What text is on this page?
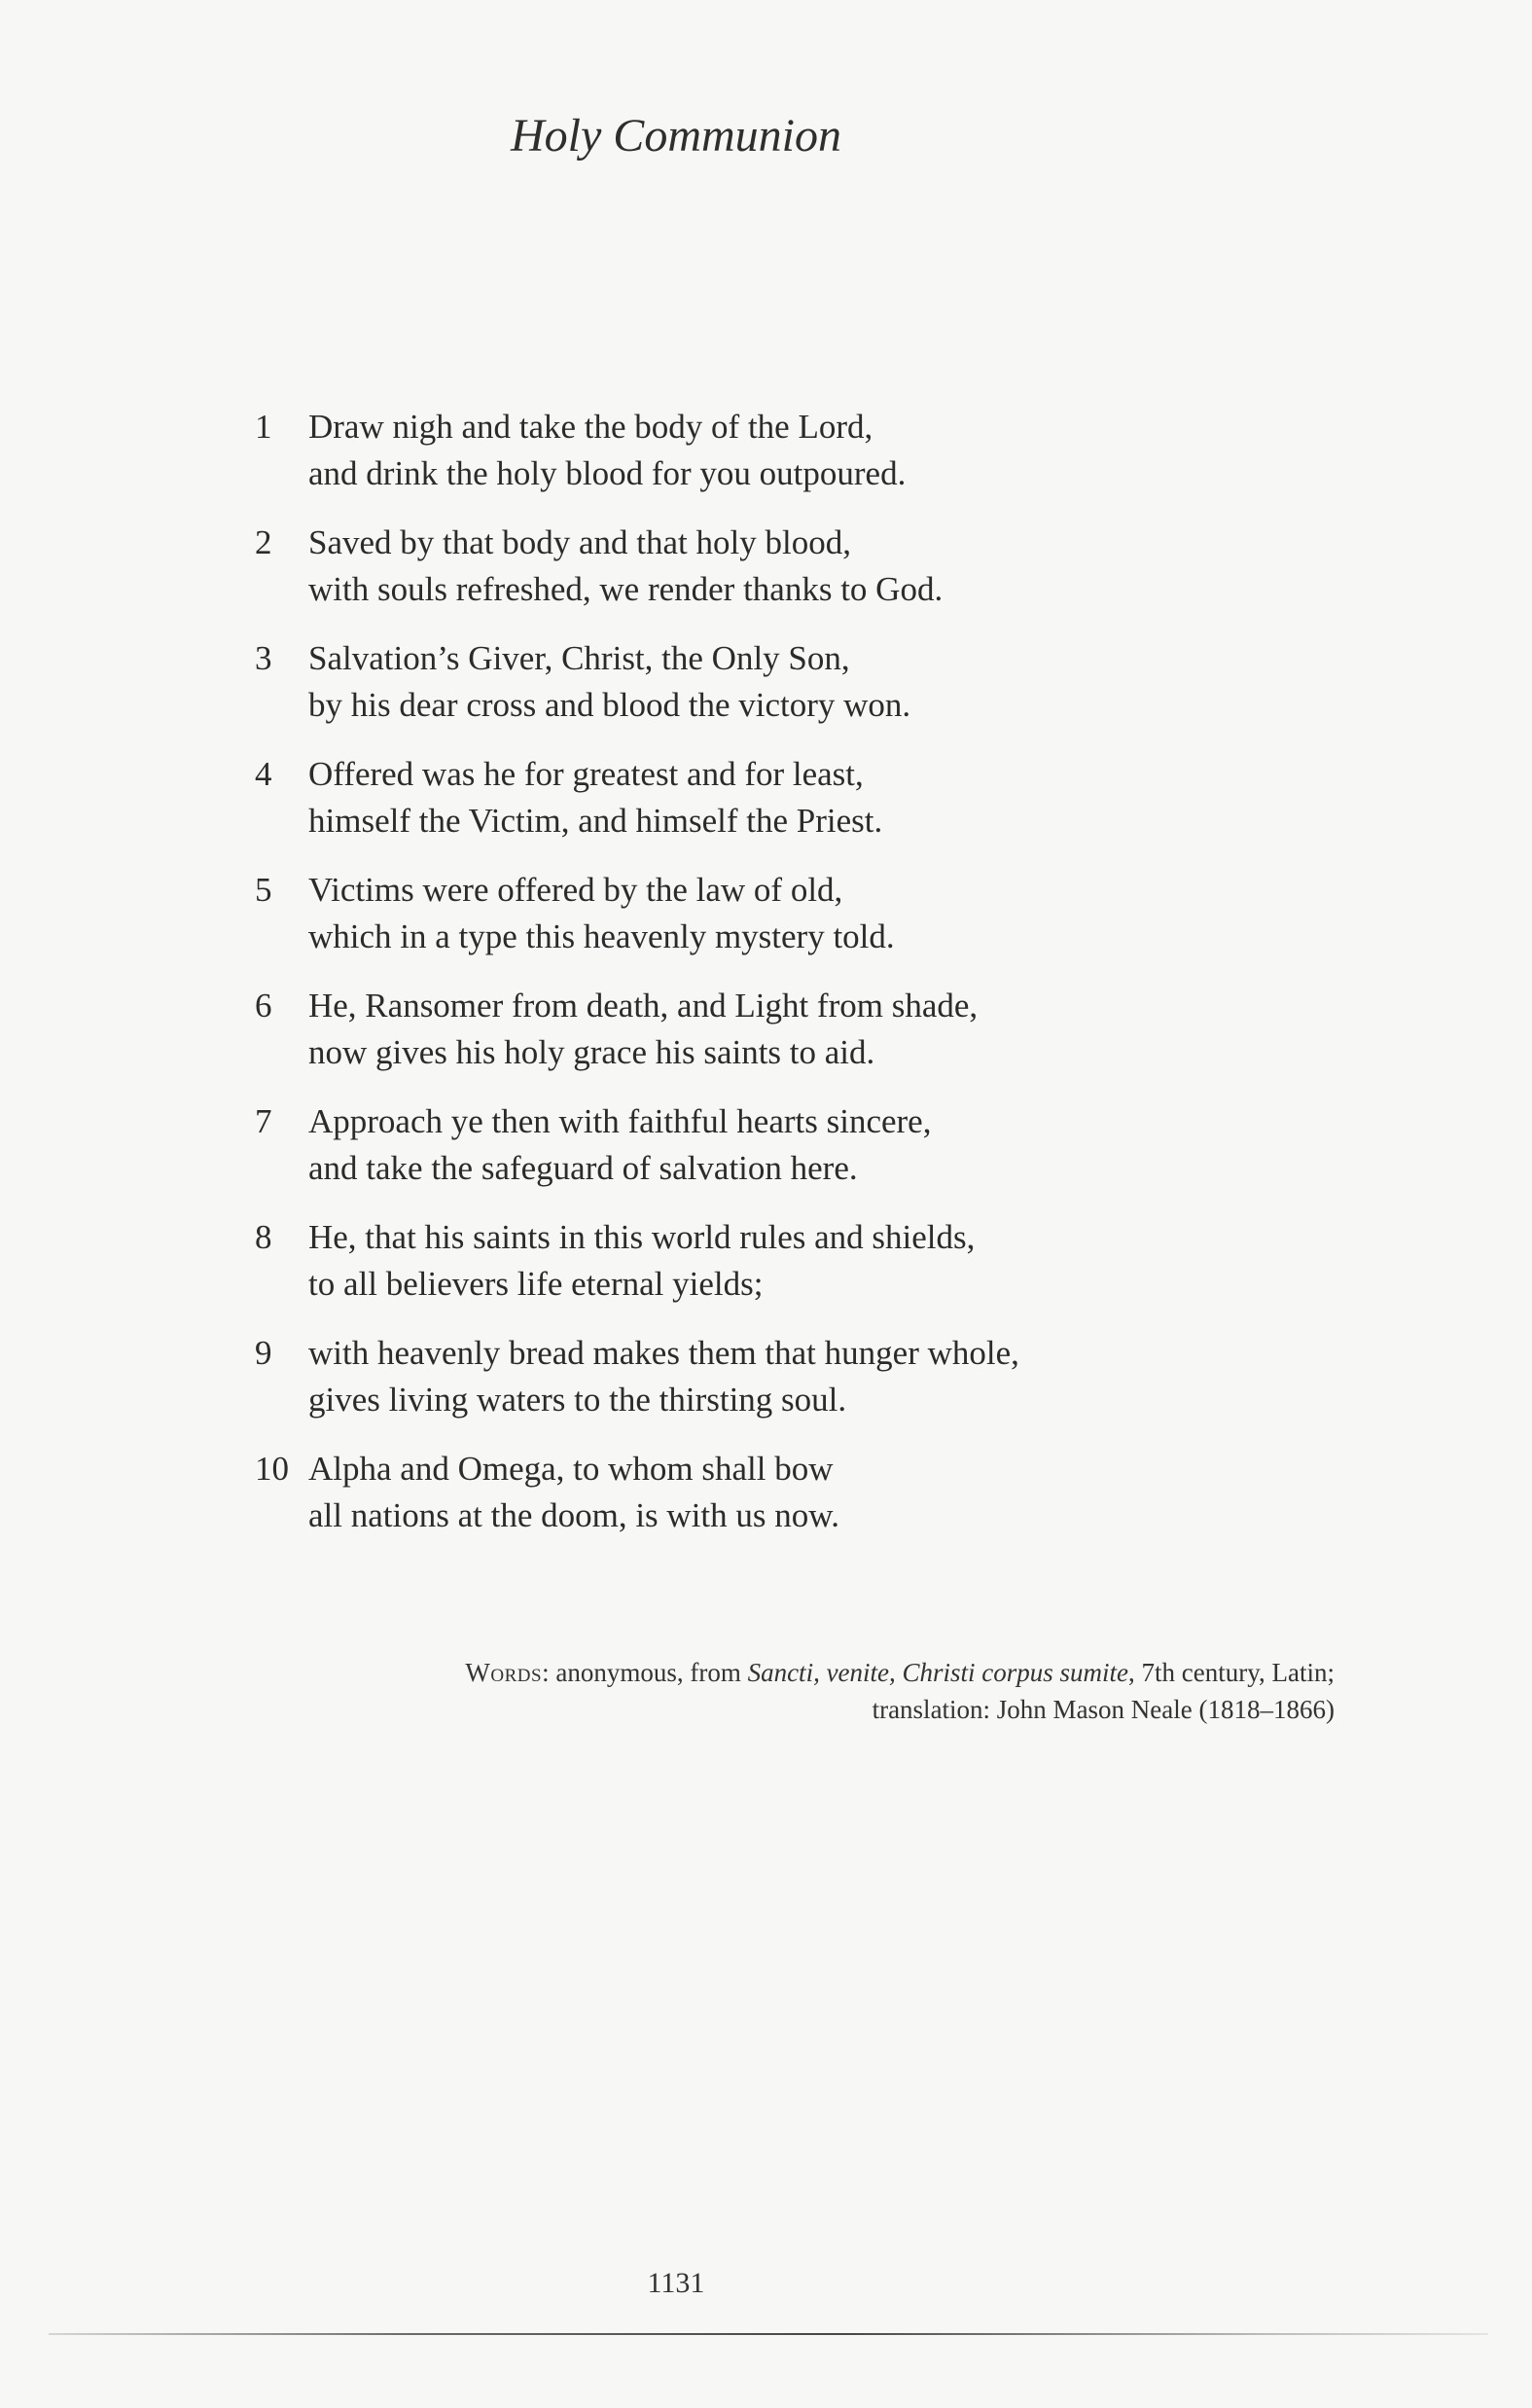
Holy Communion
1	Draw nigh and take the body of the Lord,
and drink the holy blood for you outpoured.
2	Saved by that body and that holy blood,
with souls refreshed, we render thanks to God.
3	Salvation’s Giver, Christ, the Only Son,
by his dear cross and blood the victory won.
4	Offered was he for greatest and for least,
himself the Victim, and himself the Priest.
5	Victims were offered by the law of old,
which in a type this heavenly mystery told.
6	He, Ransomer from death, and Light from shade,
now gives his holy grace his saints to aid.
7	Approach ye then with faithful hearts sincere,
and take the safeguard of salvation here.
8	He, that his saints in this world rules and shields,
to all believers life eternal yields;
9	with heavenly bread makes them that hunger whole,
gives living waters to the thirsting soul.
10 Alpha and Omega, to whom shall bow
all nations at the doom, is with us now.
Words: anonymous, from Sancti, venite, Christi corpus sumite, 7th century, Latin;
translation: John Mason Neale (1818–1866)
1131
